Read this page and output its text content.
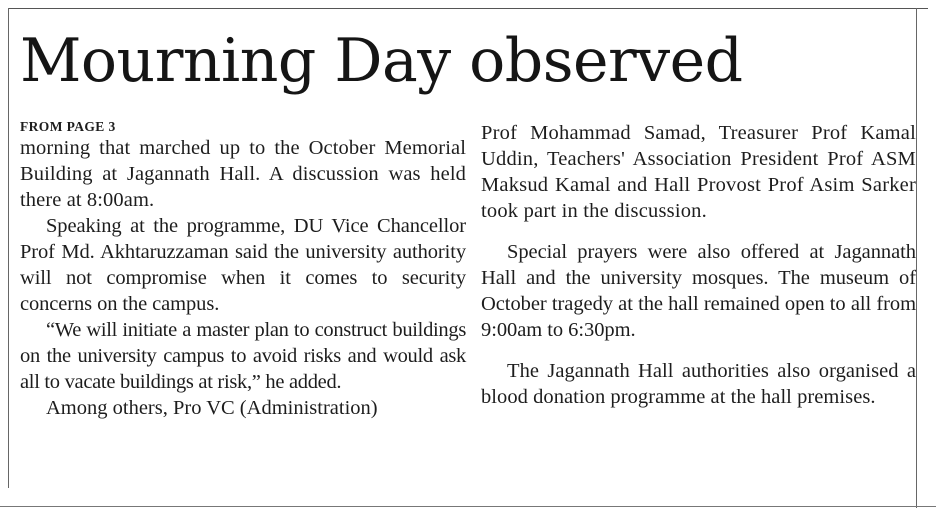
Mourning Day observed
FROM PAGE 3

morning that marched up to the October Memorial Building at Jagannath Hall. A discussion was held there at 8:00am.

Speaking at the programme, DU Vice Chancellor Prof Md. Akhtaruzzaman said the university authority will not compromise when it comes to security concerns on the campus.

“We will initiate a master plan to construct buildings on the university campus to avoid risks and would ask all to vacate buildings at risk,” he added.

Among others, Pro VC (Administration)

Prof Mohammad Samad, Treasurer Prof Kamal Uddin, Teachers' Association President Prof ASM Maksud Kamal and Hall Provost Prof Asim Sarker took part in the discussion.

Special prayers were also offered at Jagannath Hall and the university mosques. The museum of October tragedy at the hall remained open to all from 9:00am to 6:30pm.

The Jagannath Hall authorities also organised a blood donation programme at the hall premises.
